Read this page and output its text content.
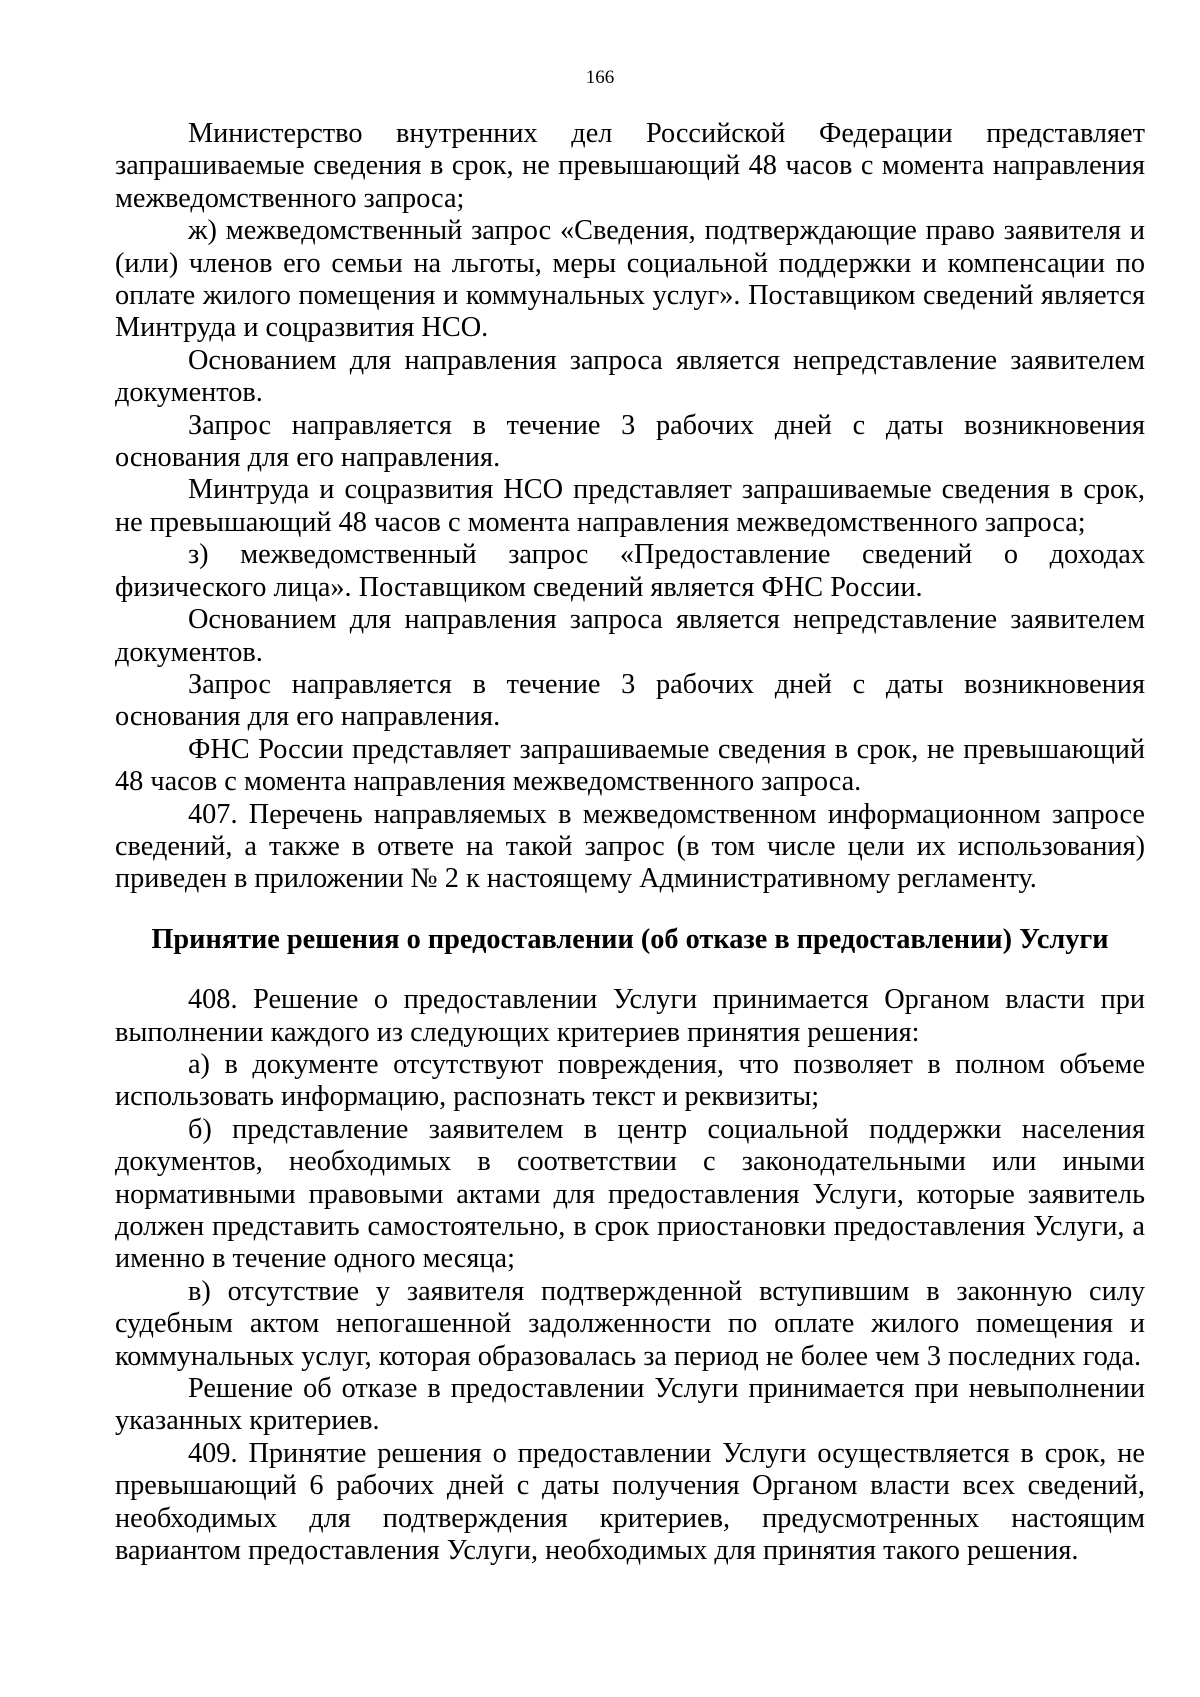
166

Министерство внутренних дел Российской Федерации представляет запрашиваемые сведения в срок, не превышающий 48 часов с момента направления межведомственного запроса;

ж) межведомственный запрос «Сведения, подтверждающие право заявителя и (или) членов его семьи на льготы, меры социальной поддержки и компенсации по оплате жилого помещения и коммунальных услуг». Поставщиком сведений является Минтруда и соцразвития НСО.

Основанием для направления запроса является непредставление заявителем документов.

Запрос направляется в течение 3 рабочих дней с даты возникновения основания для его направления.

Минтруда и соцразвития НСО представляет запрашиваемые сведения в срок, не превышающий 48 часов с момента направления межведомственного запроса;

з) межведомственный запрос «Предоставление сведений о доходах физического лица». Поставщиком сведений является ФНС России.

Основанием для направления запроса является непредставление заявителем документов.

Запрос направляется в течение 3 рабочих дней с даты возникновения основания для его направления.

ФНС России представляет запрашиваемые сведения в срок, не превышающий 48 часов с момента направления межведомственного запроса.

407. Перечень направляемых в межведомственном информационном запросе сведений, а также в ответе на такой запрос (в том числе цели их использования) приведен в приложении № 2 к настоящему Административному регламенту.

Принятие решения о предоставлении (об отказе в предоставлении) Услуги

408. Решение о предоставлении Услуги принимается Органом власти при выполнении каждого из следующих критериев принятия решения:

а) в документе отсутствуют повреждения, что позволяет в полном объеме использовать информацию, распознать текст и реквизиты;

б) представление заявителем в центр социальной поддержки населения документов, необходимых в соответствии с законодательными или иными нормативными правовыми актами для предоставления Услуги, которые заявитель должен представить самостоятельно, в срок приостановки предоставления Услуги, а именно в течение одного месяца;

в) отсутствие у заявителя подтвержденной вступившим в законную силу судебным актом непогашенной задолженности по оплате жилого помещения и коммунальных услуг, которая образовалась за период не более чем 3 последних года.

Решение об отказе в предоставлении Услуги принимается при невыполнении указанных критериев.

409. Принятие решения о предоставлении Услуги осуществляется в срок, не превышающий 6 рабочих дней с даты получения Органом власти всех сведений, необходимых для подтверждения критериев, предусмотренных настоящим вариантом предоставления Услуги, необходимых для принятия такого решения.
